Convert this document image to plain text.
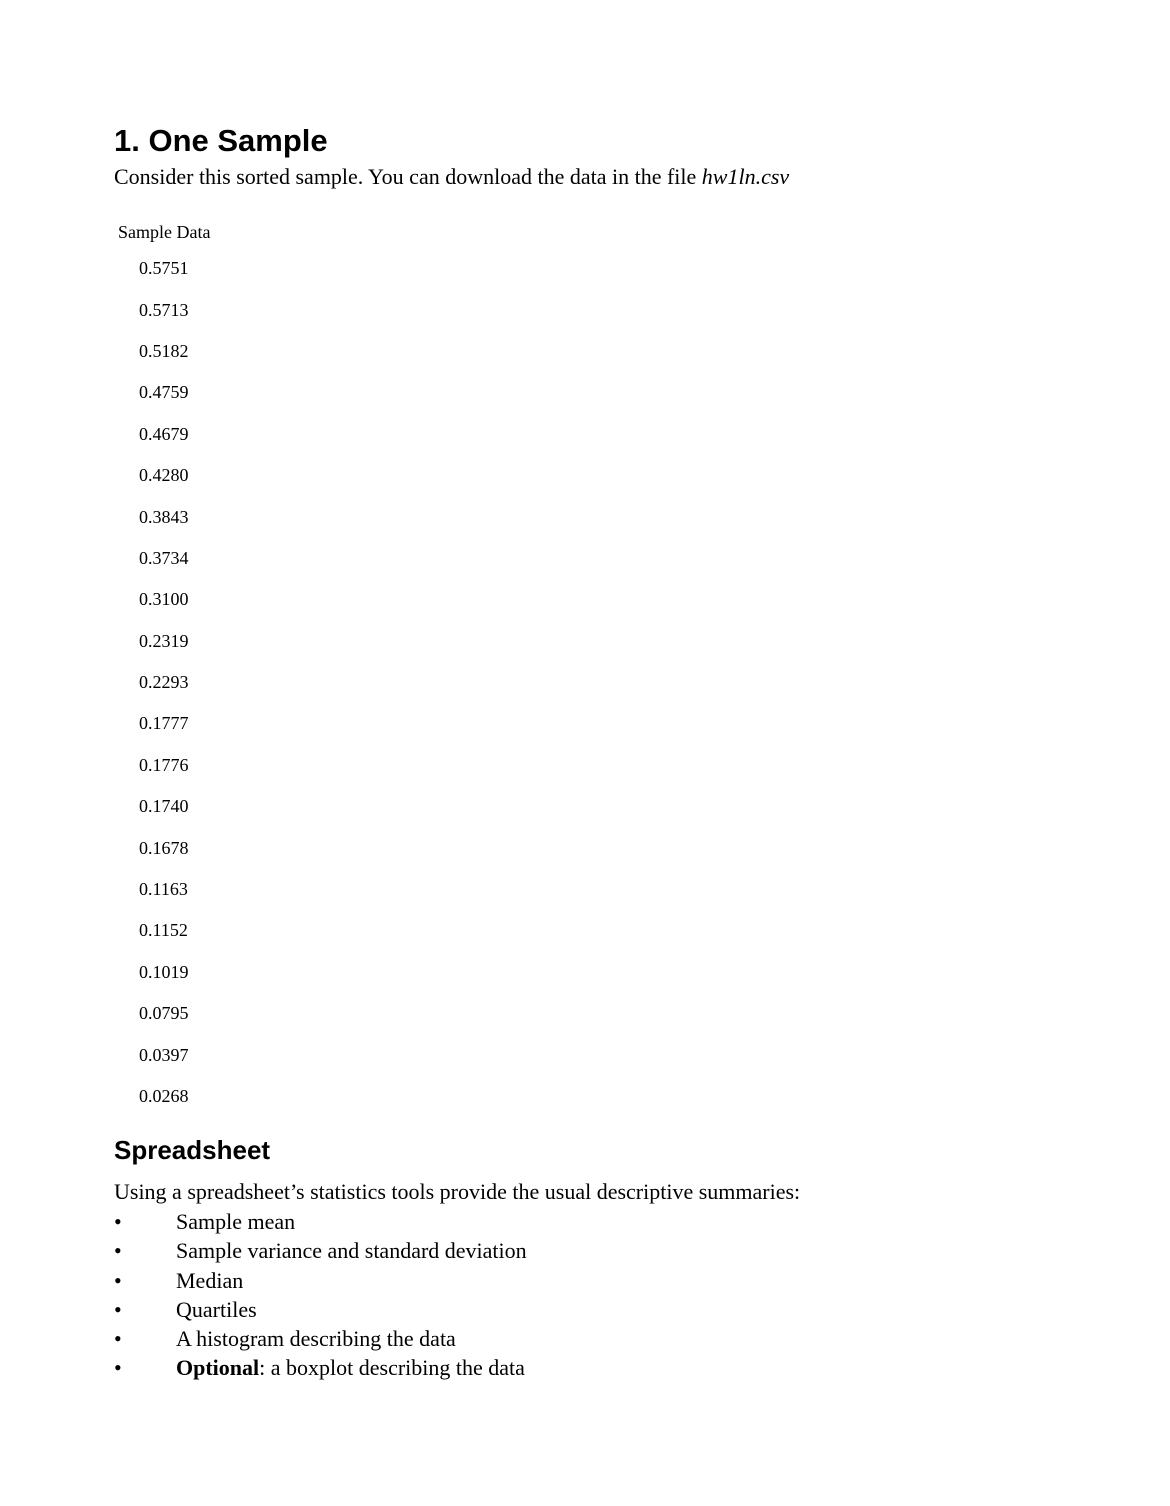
1. One Sample

Consider this sorted sample. You can download the data in the file hw1ln.csv

Sample Data
0.5751
0.5713
0.5182
0.4759
0.4679
0.4280
0.3843
0.3734
0.3100
0.2319
0.2293
0.1777
0.1776
0.1740
0.1678
0.1163
0.1152
0.1019
0.0795
0.0397
0.0268
Spreadsheet

Using a spreadsheet’s statistics tools provide the usual descriptive summaries:

• Sample mean
• Sample variance and standard deviation
• Median
• Quartiles
• A histogram describing the data
• Optional: a boxplot describing the data
